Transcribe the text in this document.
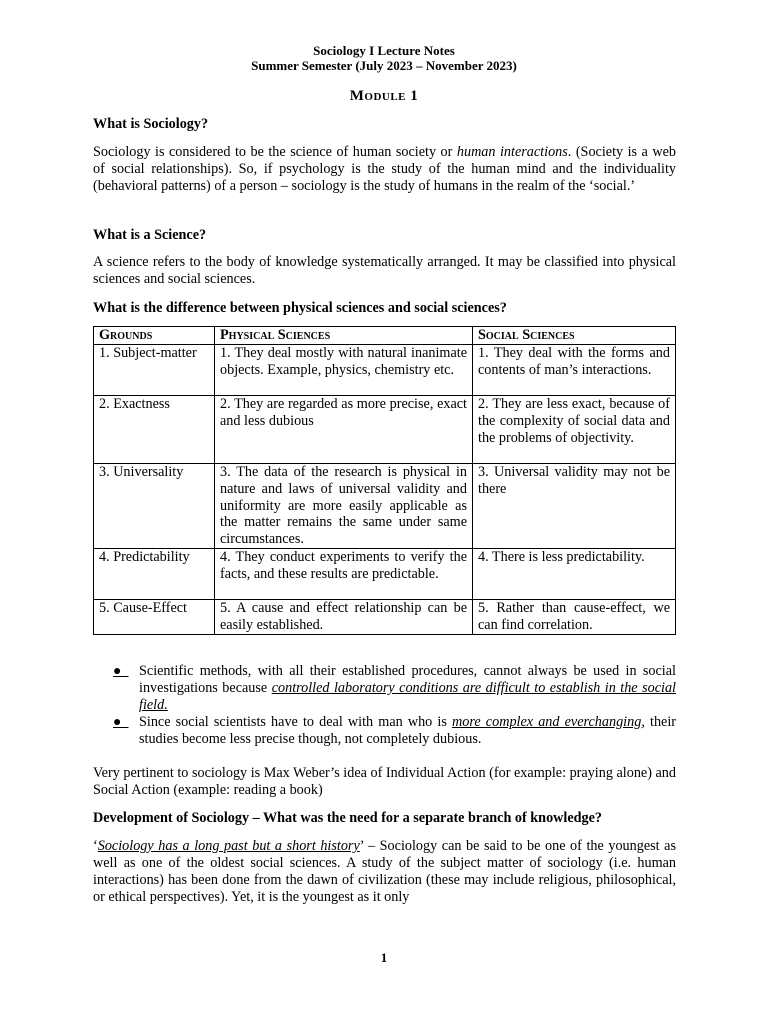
Sociology I Lecture Notes
Summer Semester (July 2023 – November 2023)
Module 1
What is Sociology?
Sociology is considered to be the science of human society or human interactions. (Society is a web of social relationships). So, if psychology is the study of the human mind and the individuality (behavioral patterns) of a person – sociology is the study of humans in the realm of the ‘social.’
What is a Science?
A science refers to the body of knowledge systematically arranged. It may be classified into physical sciences and social sciences.
What is the difference between physical sciences and social sciences?
Grounds	Physical Sciences	Social Sciences
1. Subject-matter	1. They deal mostly with natural inanimate objects. Example, physics, chemistry etc.	1. They deal with the forms and contents of man’s interactions.
2. Exactness	2. They are regarded as more precise, exact and less dubious	2. They are less exact, because of the complexity of social data and the problems of objectivity.
3. Universality	3. The data of the research is physical in nature and laws of universal validity and uniformity are more easily applicable as the matter remains the same under same circumstances.	3. Universal validity may not be there
4. Predictability	4. They conduct experiments to verify the facts, and these results are predictable.	4. There is less predictability.
5. Cause-Effect	5. A cause and effect relationship can be easily established.	5. Rather than cause-effect, we can find correlation.
● Scientific methods, with all their established procedures, cannot always be used in social investigations because controlled laboratory conditions are difficult to establish in the social field.
● Since social scientists have to deal with man who is more complex and everchanging, their studies become less precise though, not completely dubious.
Very pertinent to sociology is Max Weber’s idea of Individual Action (for example: praying alone) and Social Action (example: reading a book)
Development of Sociology – What was the need for a separate branch of knowledge?
‘Sociology has a long past but a short history’ – Sociology can be said to be one of the youngest as well as one of the oldest social sciences. A study of the subject matter of sociology (i.e. human interactions) has been done from the dawn of civilization (these may include religious, philosophical, or ethical perspectives). Yet, it is the youngest as it only
1
